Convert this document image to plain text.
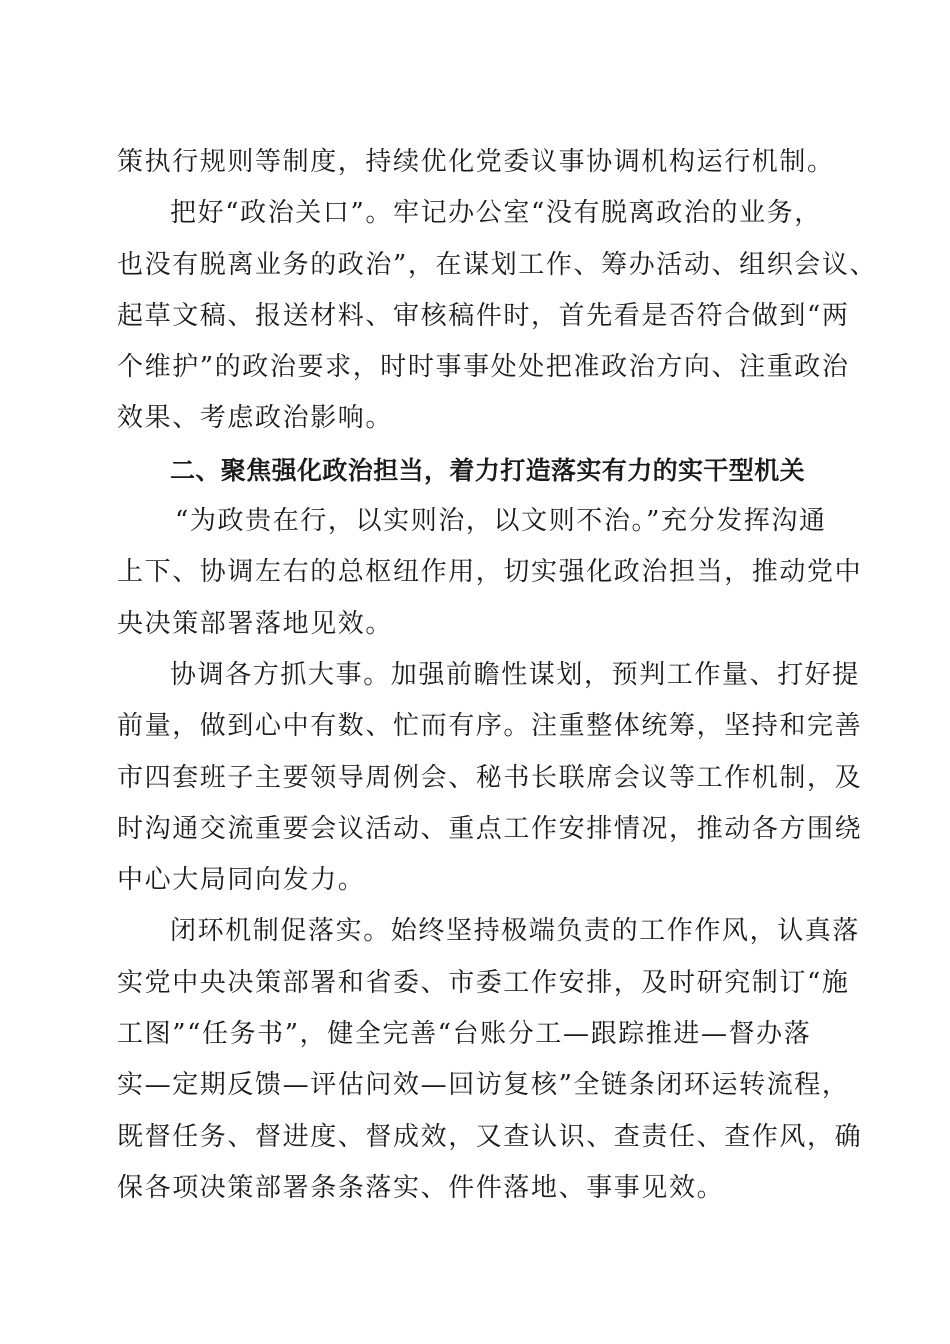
策执行规则等制度，持续优化党委议事协调机构运行机制。
把好“政治关口”。牢记办公室“没有脱离政治的业务，
也没有脱离业务的政治”，在谋划工作、筹办活动、组织会议、
起草文稿、报送材料、审核稿件时，首先看是否符合做到“两
个维护”的政治要求，时时事事处处把准政治方向、注重政治
效果、考虑政治影响。
二、聚焦强化政治担当，着力打造落实有力的实干型机关
“为政贵在行，以实则治，以文则不治。”充分发挥沟通
上下、协调左右的总枢纽作用，切实强化政治担当，推动党中
央决策部署落地见效。
协调各方抓大事。加强前瞻性谋划，预判工作量、打好提
前量，做到心中有数、忙而有序。注重整体统筹，坚持和完善
市四套班子主要领导周例会、秘书长联席会议等工作机制，及
时沟通交流重要会议活动、重点工作安排情况，推动各方围绕
中心大局同向发力。
闭环机制促落实。始终坚持极端负责的工作作风，认真落
实党中央决策部署和省委、市委工作安排，及时研究制订“施
工图”“任务书”，健全完善“台账分工—跟踪推进—督办落
实—定期反馈—评估问效—回访复核”全链条闭环运转流程，
既督任务、督进度、督成效，又查认识、查责任、查作风，确
保各项决策部署条条落实、件件落地、事事见效。
